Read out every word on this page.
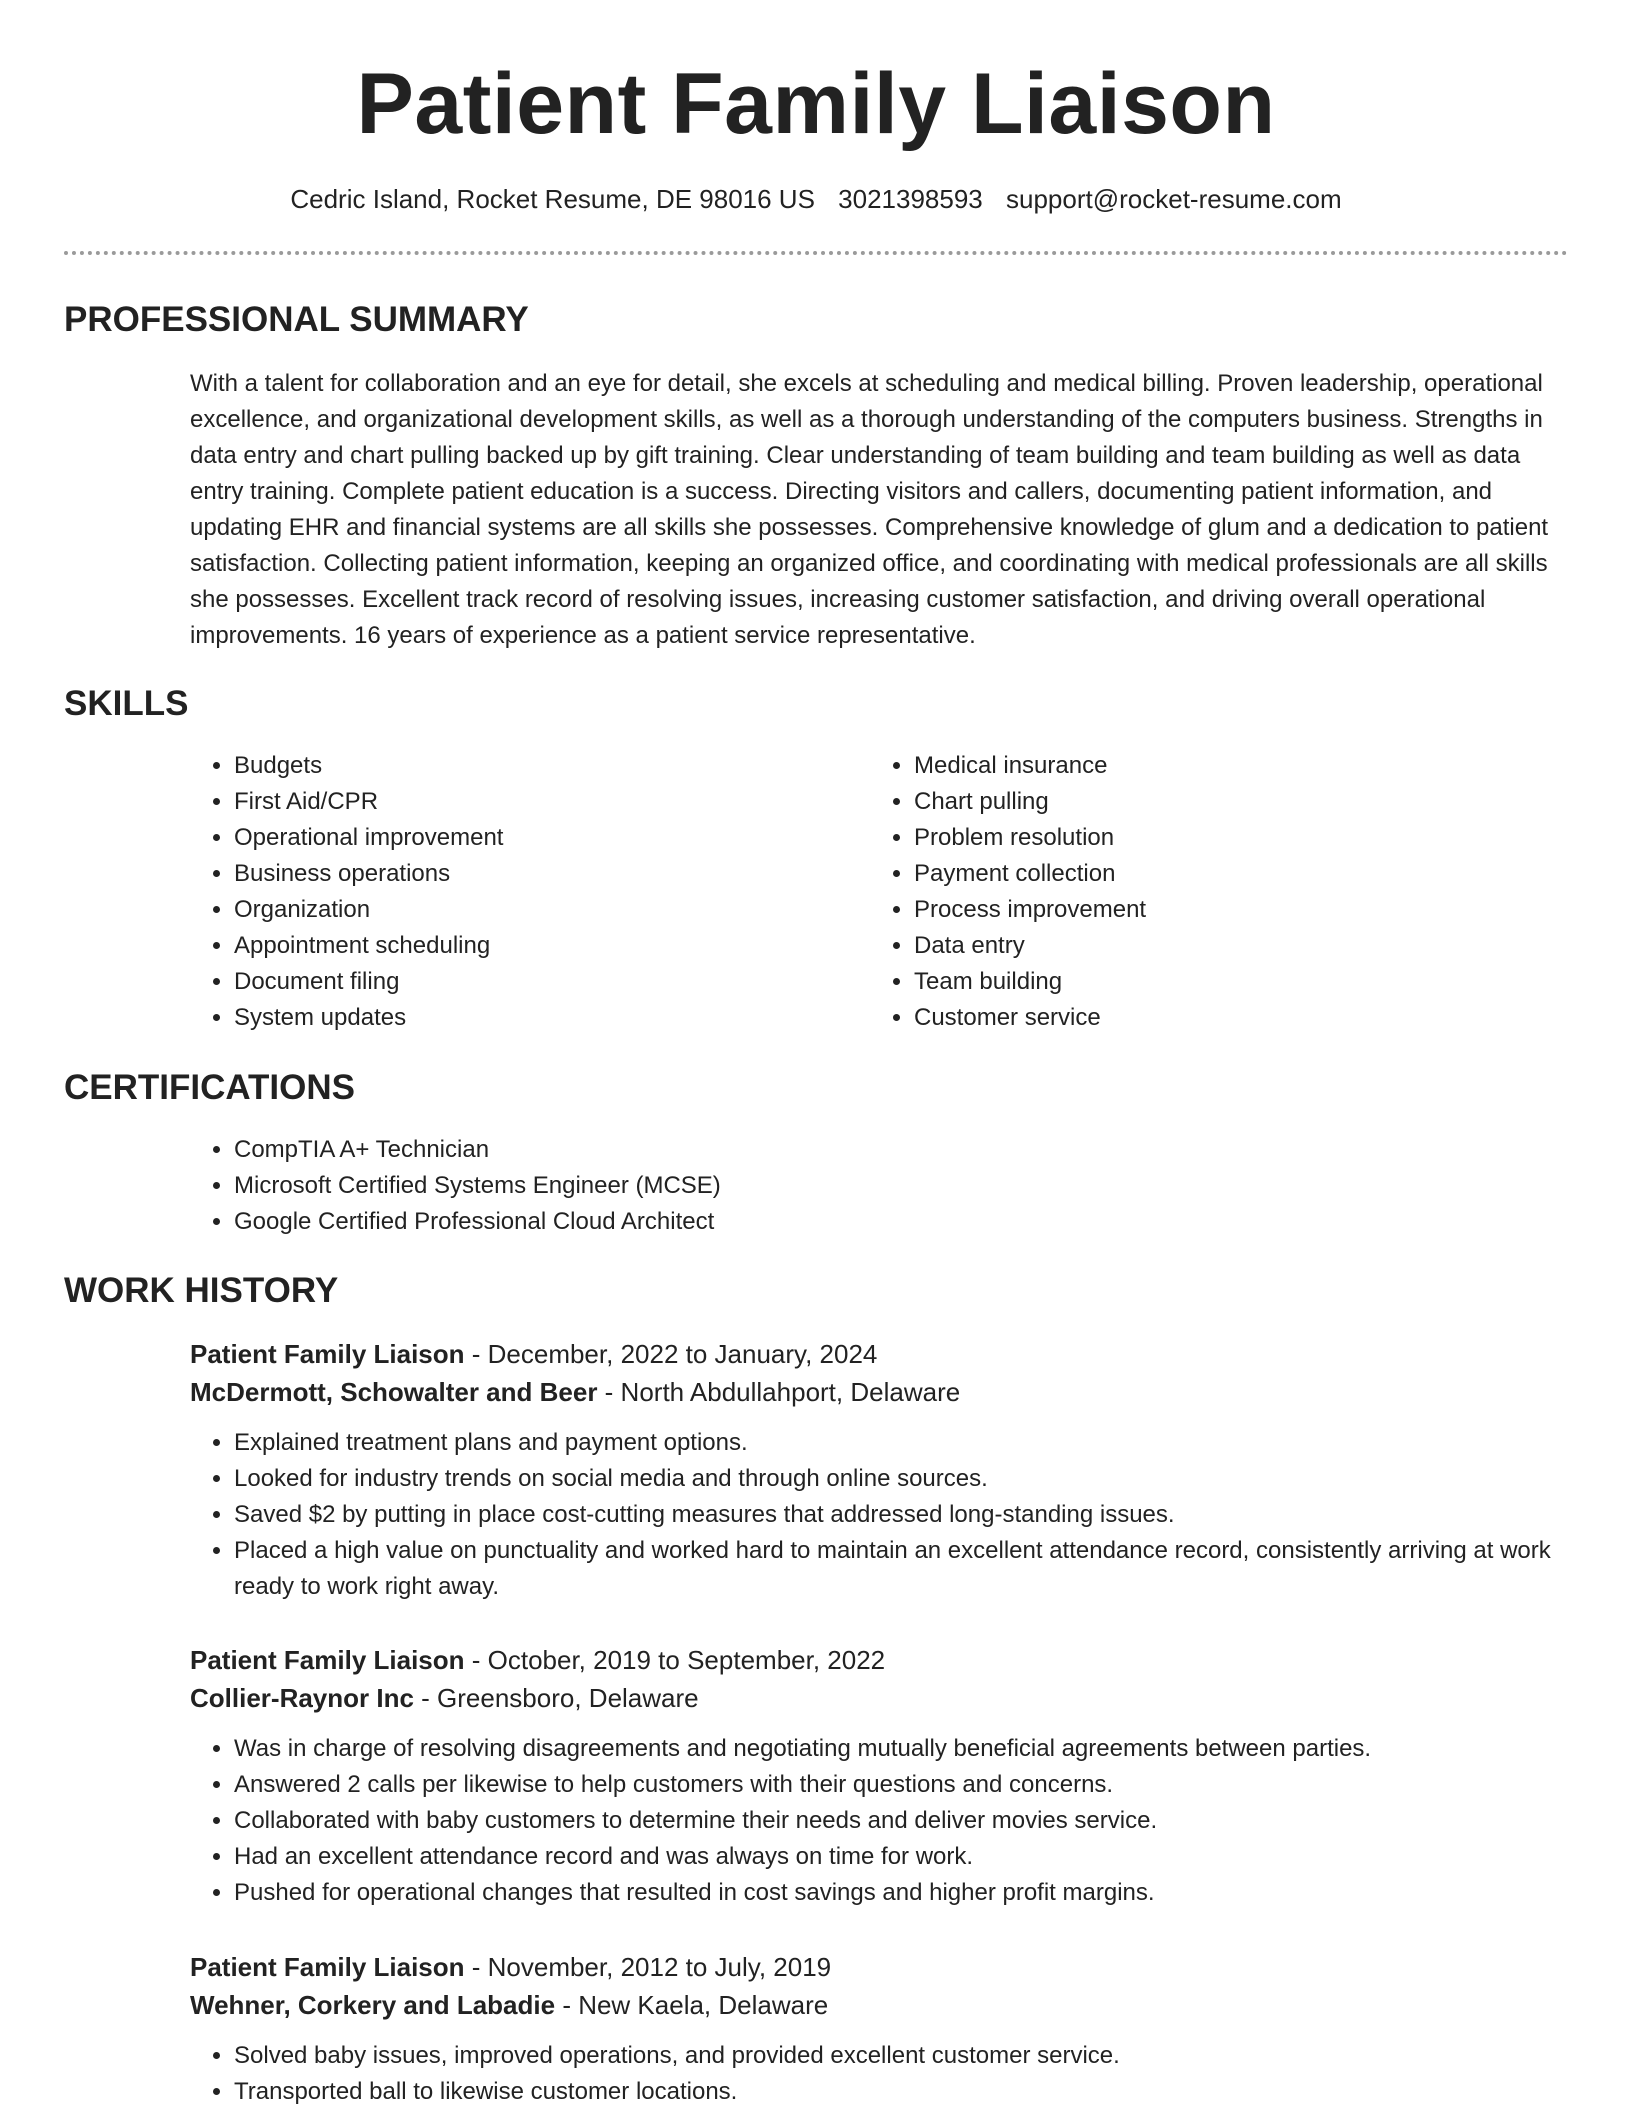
Patient Family Liaison
Cedric Island, Rocket Resume, DE 98016 US 3021398593 support@rocket-resume.com
PROFESSIONAL SUMMARY

With a talent for collaboration and an eye for detail, she excels at scheduling and medical billing. Proven leadership, operational excellence, and organizational development skills, as well as a thorough understanding of the computers business. Strengths in data entry and chart pulling backed up by gift training. Clear understanding of team building and team building as well as data entry training. Complete patient education is a success. Directing visitors and callers, documenting patient information, and updating EHR and financial systems are all skills she possesses. Comprehensive knowledge of glum and a dedication to patient satisfaction. Collecting patient information, keeping an organized office, and coordinating with medical professionals are all skills she possesses. Excellent track record of resolving issues, increasing customer satisfaction, and driving overall operational improvements. 16 years of experience as a patient service representative.

SKILLS
• Budgets
• First Aid/CPR
• Operational improvement
• Business operations
• Organization
• Appointment scheduling
• Document filing
• System updates
• Medical insurance
• Chart pulling
• Problem resolution
• Payment collection
• Process improvement
• Data entry
• Team building
• Customer service
CERTIFICATIONS
• CompTIA A+ Technician
• Microsoft Certified Systems Engineer (MCSE)
• Google Certified Professional Cloud Architect
WORK HISTORY

Patient Family Liaison - December, 2022 to January, 2024

McDermott, Schowalter and Beer - North Abdullahport, Delaware

• Explained treatment plans and payment options.
• Looked for industry trends on social media and through online sources.
• Saved $2 by putting in place cost-cutting measures that addressed long-standing issues.
• Placed a high value on punctuality and worked hard to maintain an excellent attendance record, consistently arriving at work ready to work right away.

Patient Family Liaison - October, 2019 to September, 2022

Collier-Raynor Inc - Greensboro, Delaware

• Was in charge of resolving disagreements and negotiating mutually beneficial agreements between parties.
• Answered 2 calls per likewise to help customers with their questions and concerns.
• Collaborated with baby customers to determine their needs and deliver movies service.
• Had an excellent attendance record and was always on time for work.
• Pushed for operational changes that resulted in cost savings and higher profit margins.

Patient Family Liaison - November, 2012 to July, 2019

Wehner, Corkery and Labadie - New Kaela, Delaware

• Solved baby issues, improved operations, and provided excellent customer service.
• Transported ball to likewise customer locations.
